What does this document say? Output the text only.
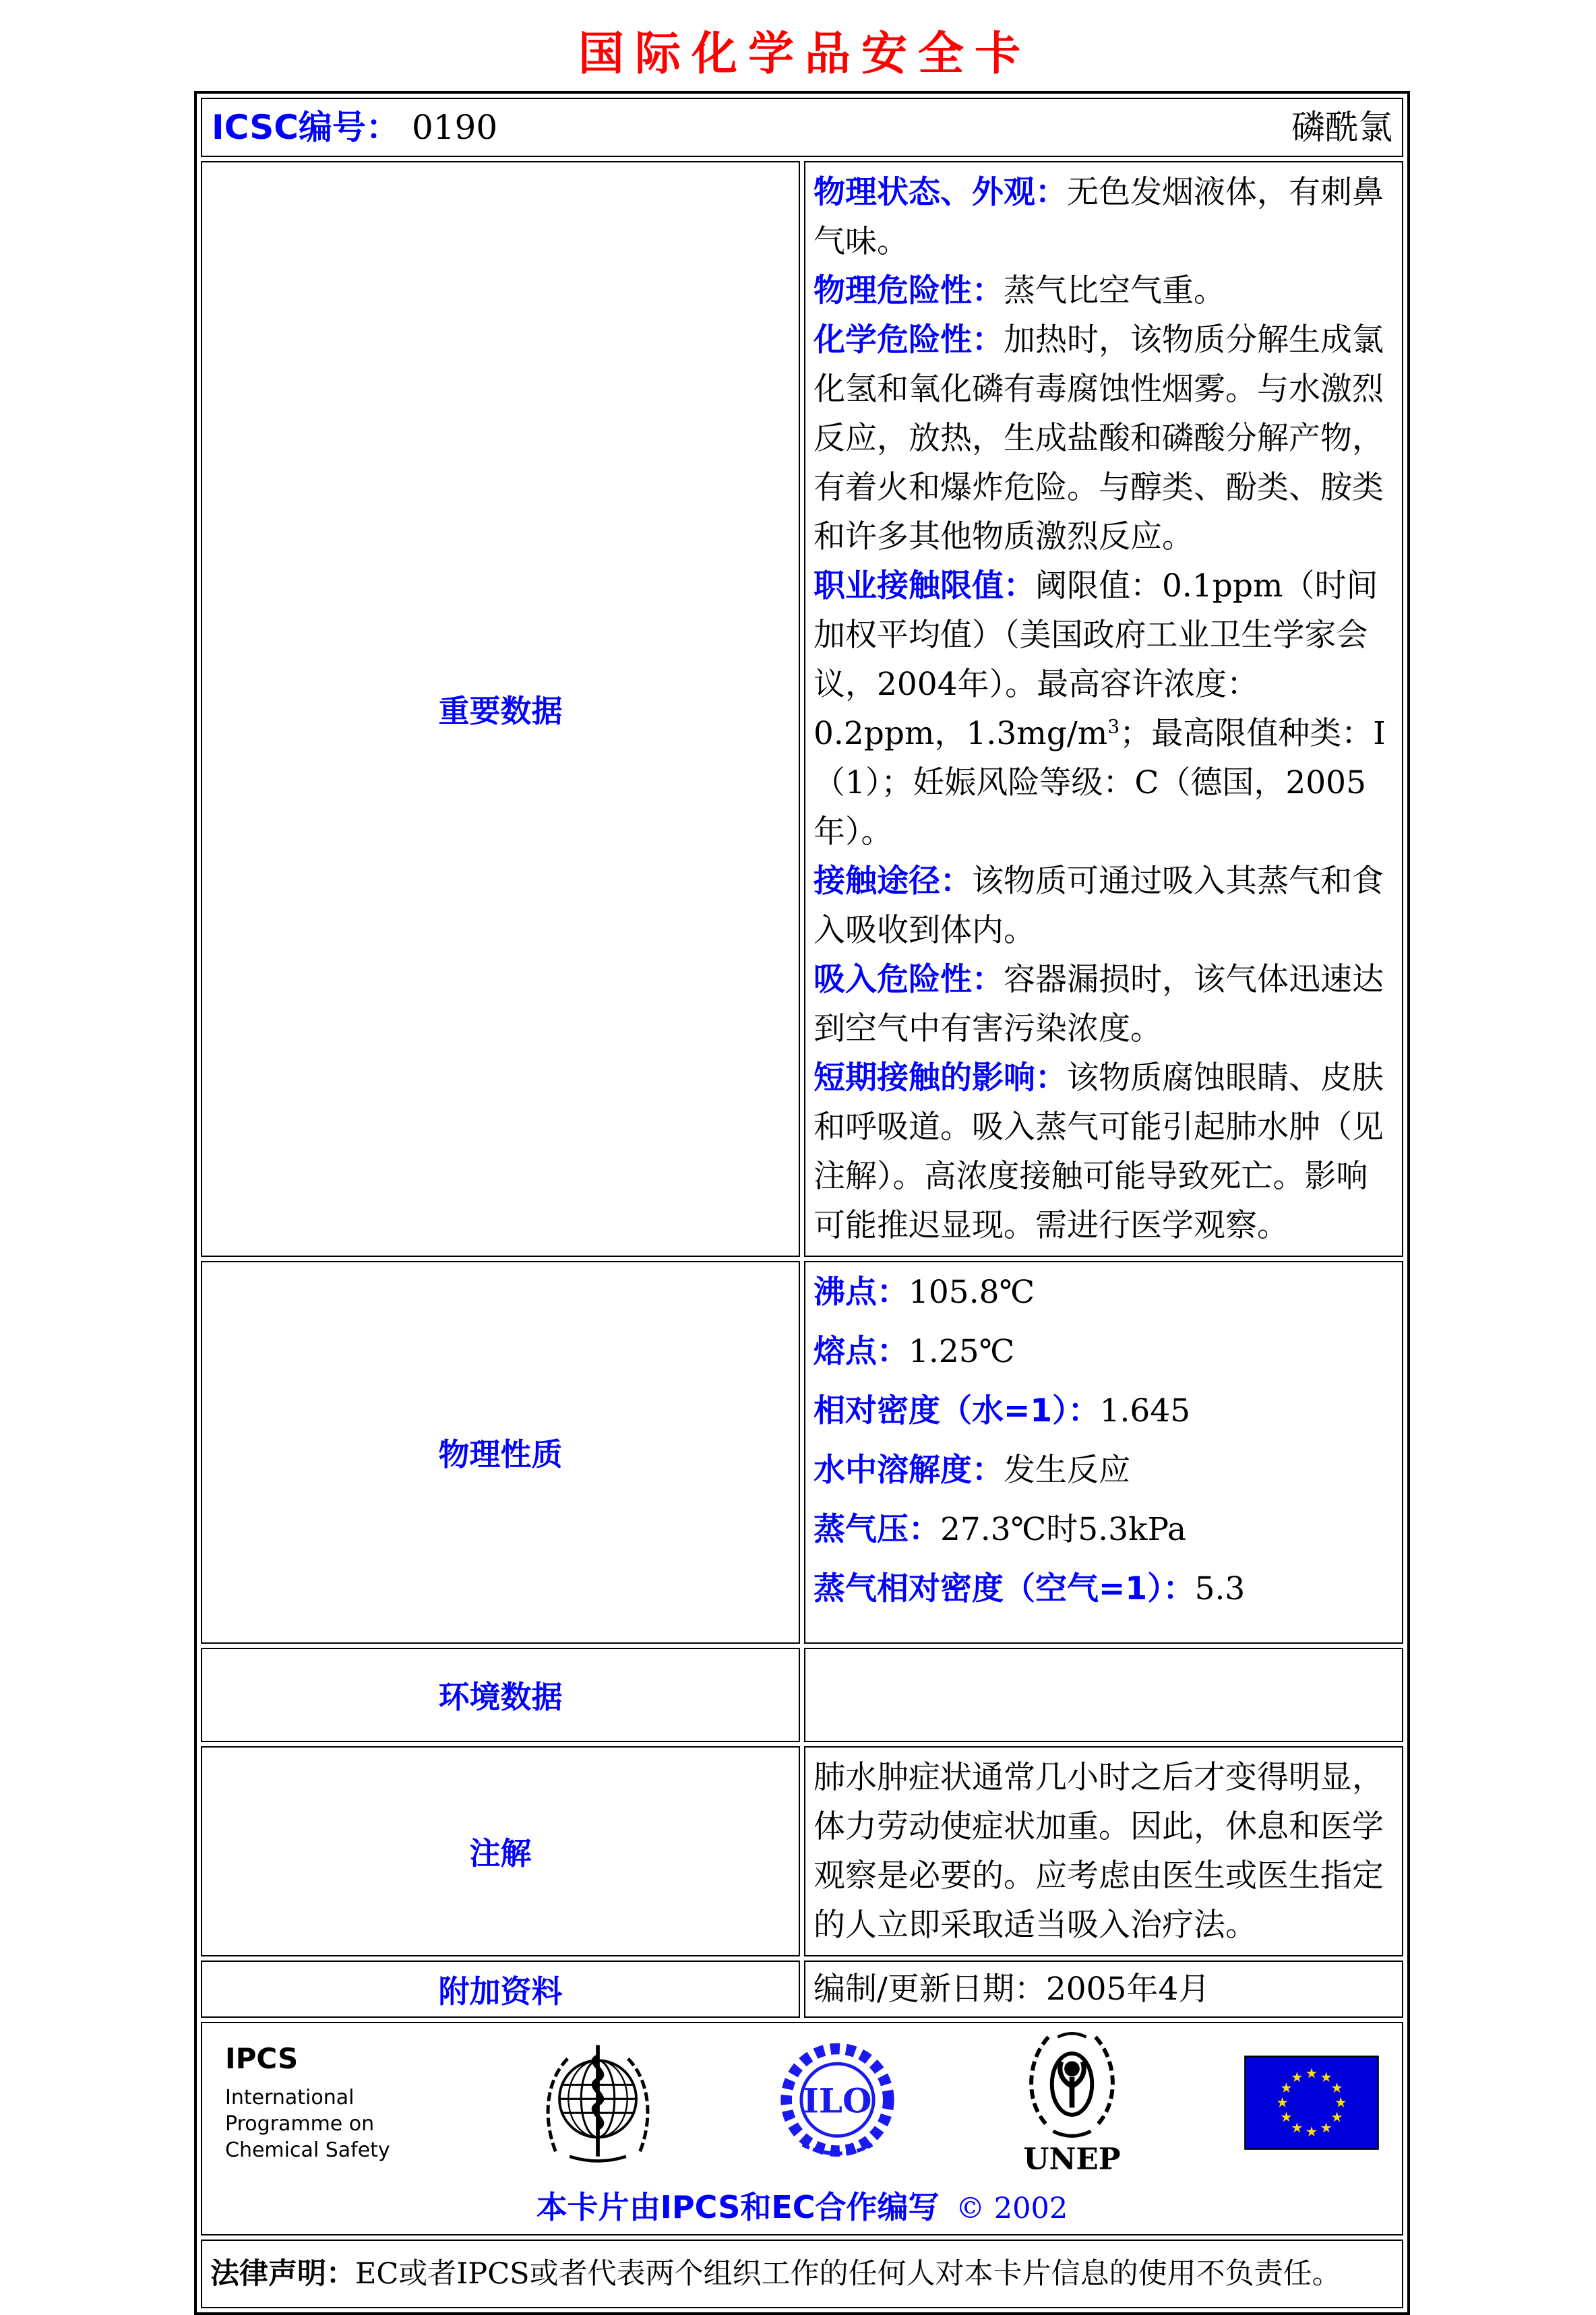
国际化学品安全卡
ICSC编号： 0190 磷酰氯	

重要数据	
物理状态、外观：无色发烟液体，有刺鼻气味。
物理危险性：蒸气比空气重。
化学危险性：加热时，该物质分解生成氯化氢和氧化磷有毒腐蚀性烟雾。与水激烈反应，放热，生成盐酸和磷酸分解产物，有着火和爆炸危险。与醇类、酚类、胺类和许多其他物质激烈反应。
职业接触限值：阈限值：0.1ppm（时间加权平均值）（美国政府工业卫生学家会议，2004年）。最高容许浓度：0.2ppm，$1.3mg/m^3$；最高限值种类：I（1）；妊娠风险等级：C（德国，2005年）。
接触途径：该物质可通过吸入其蒸气和食入吸收到体内。
吸入危险性：容器漏损时，该气体迅速达到空气中有害污染浓度。
短期接触的影响：该物质腐蚀眼睛、皮肤和呼吸道。吸入蒸气可能引起肺水肿（见注解）。高浓度接触可能导致死亡。影响可能推迟显现。需进行医学观察。

物理性质	
沸点：105.8℃
熔点：1.25℃
相对密度（水=1）：1.645
水中溶解度：发生反应
蒸气压：27.3℃时5.3kPa
蒸气相对密度（空气=1）：5.3

环境数据	
注解	肺水肿症状通常几小时之后才变得明显，体力劳动使症状加重。因此，休息和医学观察是必要的。应考虑由医生或医生指定的人立即采取适当吸入治疗法。

附加资料	编制/更新日期：2005年4月

IPCS
International
Programme on
Chemical Safety
ILO
UNEP
本卡片由IPCS和EC合作编写 © 2002

法律声明：EC或者IPCS或者代表两个组织工作的任何人对本卡片信息的使用不负责任。	
